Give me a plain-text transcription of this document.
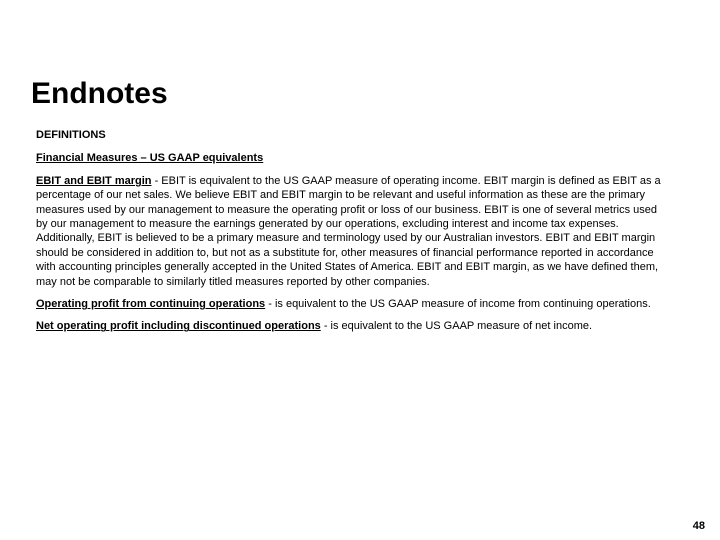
Endnotes

DEFINITIONS

Financial Measures – US GAAP equivalents

EBIT and EBIT margin - EBIT is equivalent to the US GAAP measure of operating income. EBIT margin is defined as EBIT as a percentage of our net sales. We believe EBIT and EBIT margin to be relevant and useful information as these are the primary measures used by our management to measure the operating profit or loss of our business. EBIT is one of several metrics used by our management to measure the earnings generated by our operations, excluding interest and income tax expenses. Additionally, EBIT is believed to be a primary measure and terminology used by our Australian investors. EBIT and EBIT margin should be considered in addition to, but not as a substitute for, other measures of financial performance reported in accordance with accounting principles generally accepted in the United States of America. EBIT and EBIT margin, as we have defined them, may not be comparable to similarly titled measures reported by other companies.

Operating profit from continuing operations - is equivalent to the US GAAP measure of income from continuing operations.

Net operating profit including discontinued operations - is equivalent to the US GAAP measure of net income.

48
